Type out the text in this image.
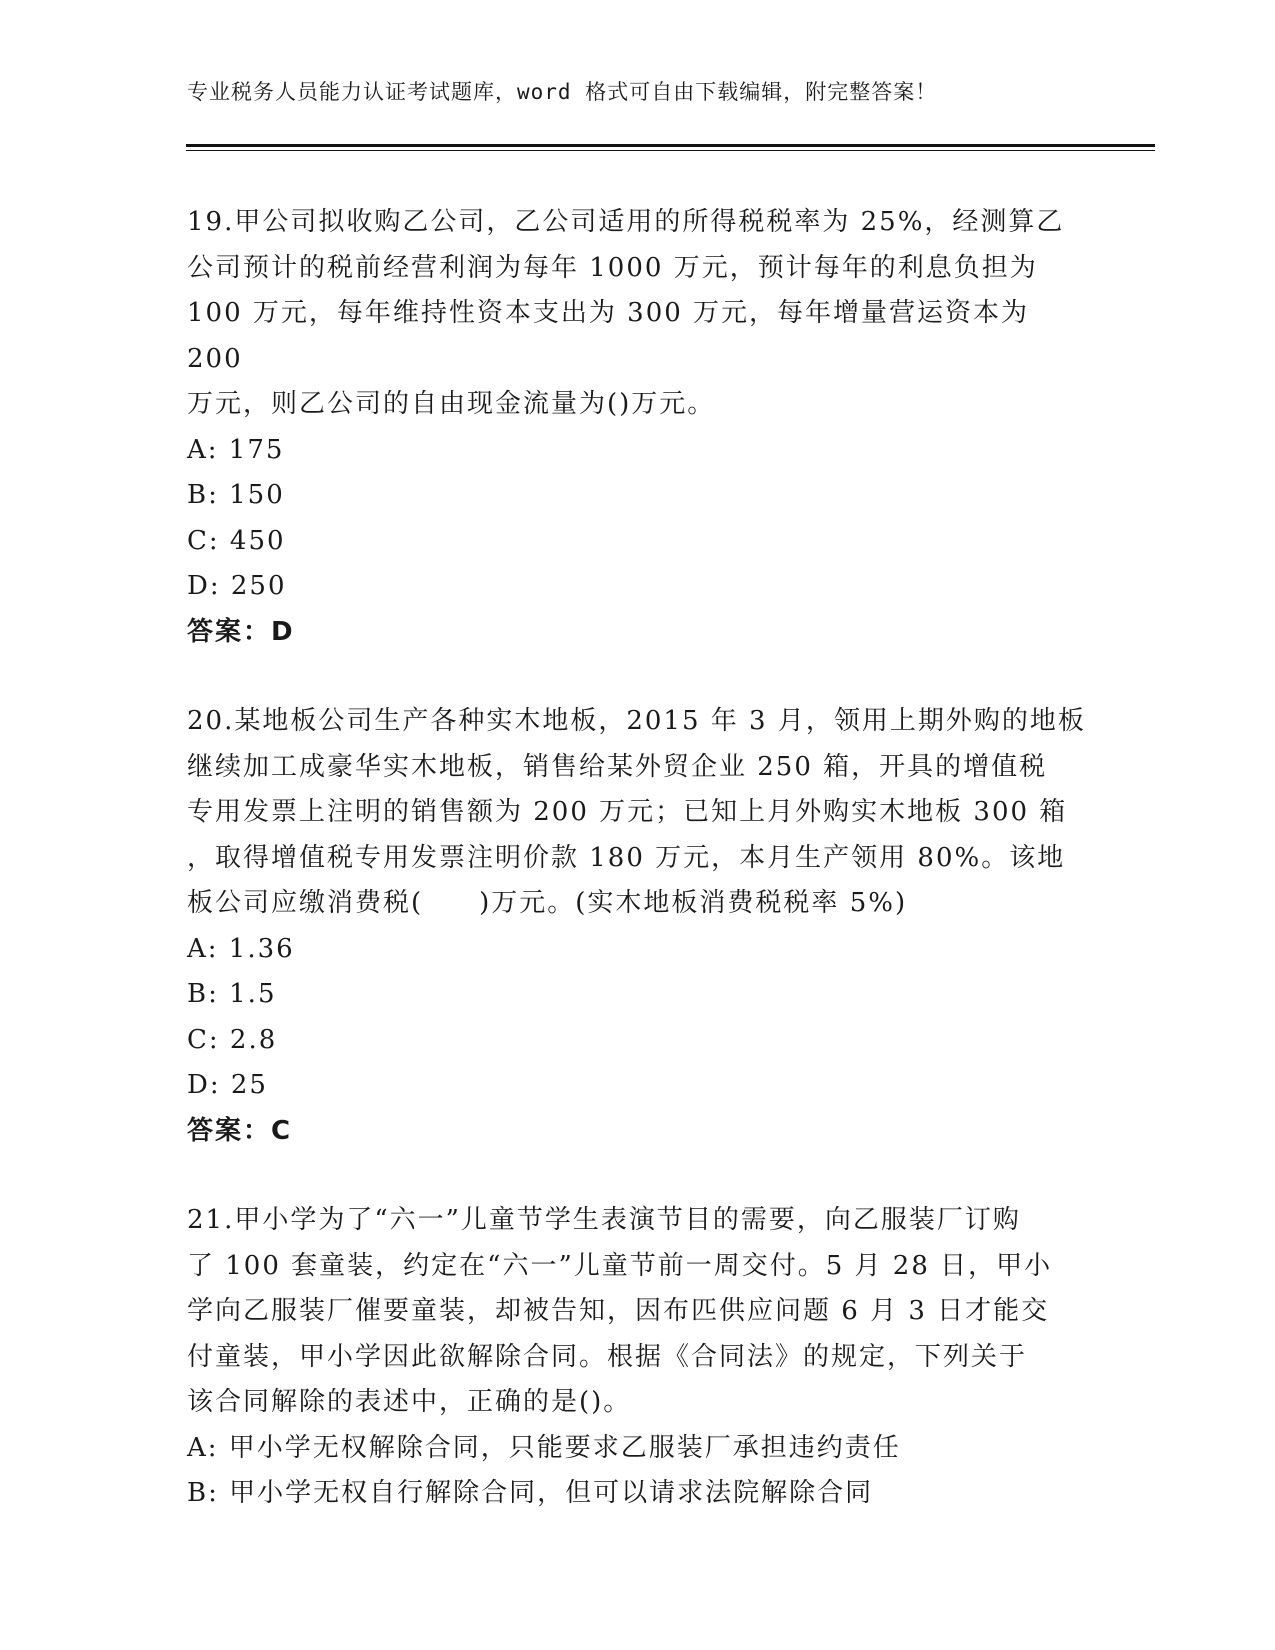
专业税务人员能力认证考试题库，word 格式可自由下载编辑，附完整答案！

19.甲公司拟收购乙公司，乙公司适用的所得税税率为 25%，经测算乙

公司预计的税前经营利润为每年 1000 万元，预计每年的利息负担为

100 万元，每年维持性资本支出为 300 万元，每年增量营运资本为 200

万元，则乙公司的自由现金流量为()万元。

A: 175

B: 150

C: 450

D: 250

答案：D

20.某地板公司生产各种实木地板，2015 年 3 月，领用上期外购的地板

继续加工成豪华实木地板，销售给某外贸企业 250 箱，开具的增值税

专用发票上注明的销售额为 200 万元；已知上月外购实木地板 300 箱

，取得增值税专用发票注明价款 180 万元，本月生产领用 80%。该地

板公司应缴消费税(　　)万元。(实木地板消费税税率 5%)

A: 1.36

B: 1.5

C: 2.8

D: 25

答案：C

21.甲小学为了“六一”儿童节学生表演节目的需要，向乙服装厂订购

了 100 套童装，约定在“六一”儿童节前一周交付。5 月 28 日，甲小

学向乙服装厂催要童装，却被告知，因布匹供应问题 6 月 3 日才能交

付童装，甲小学因此欲解除合同。根据《合同法》的规定，下列关于

该合同解除的表述中，正确的是()。

A: 甲小学无权解除合同，只能要求乙服装厂承担违约责任

B: 甲小学无权自行解除合同，但可以请求法院解除合同
